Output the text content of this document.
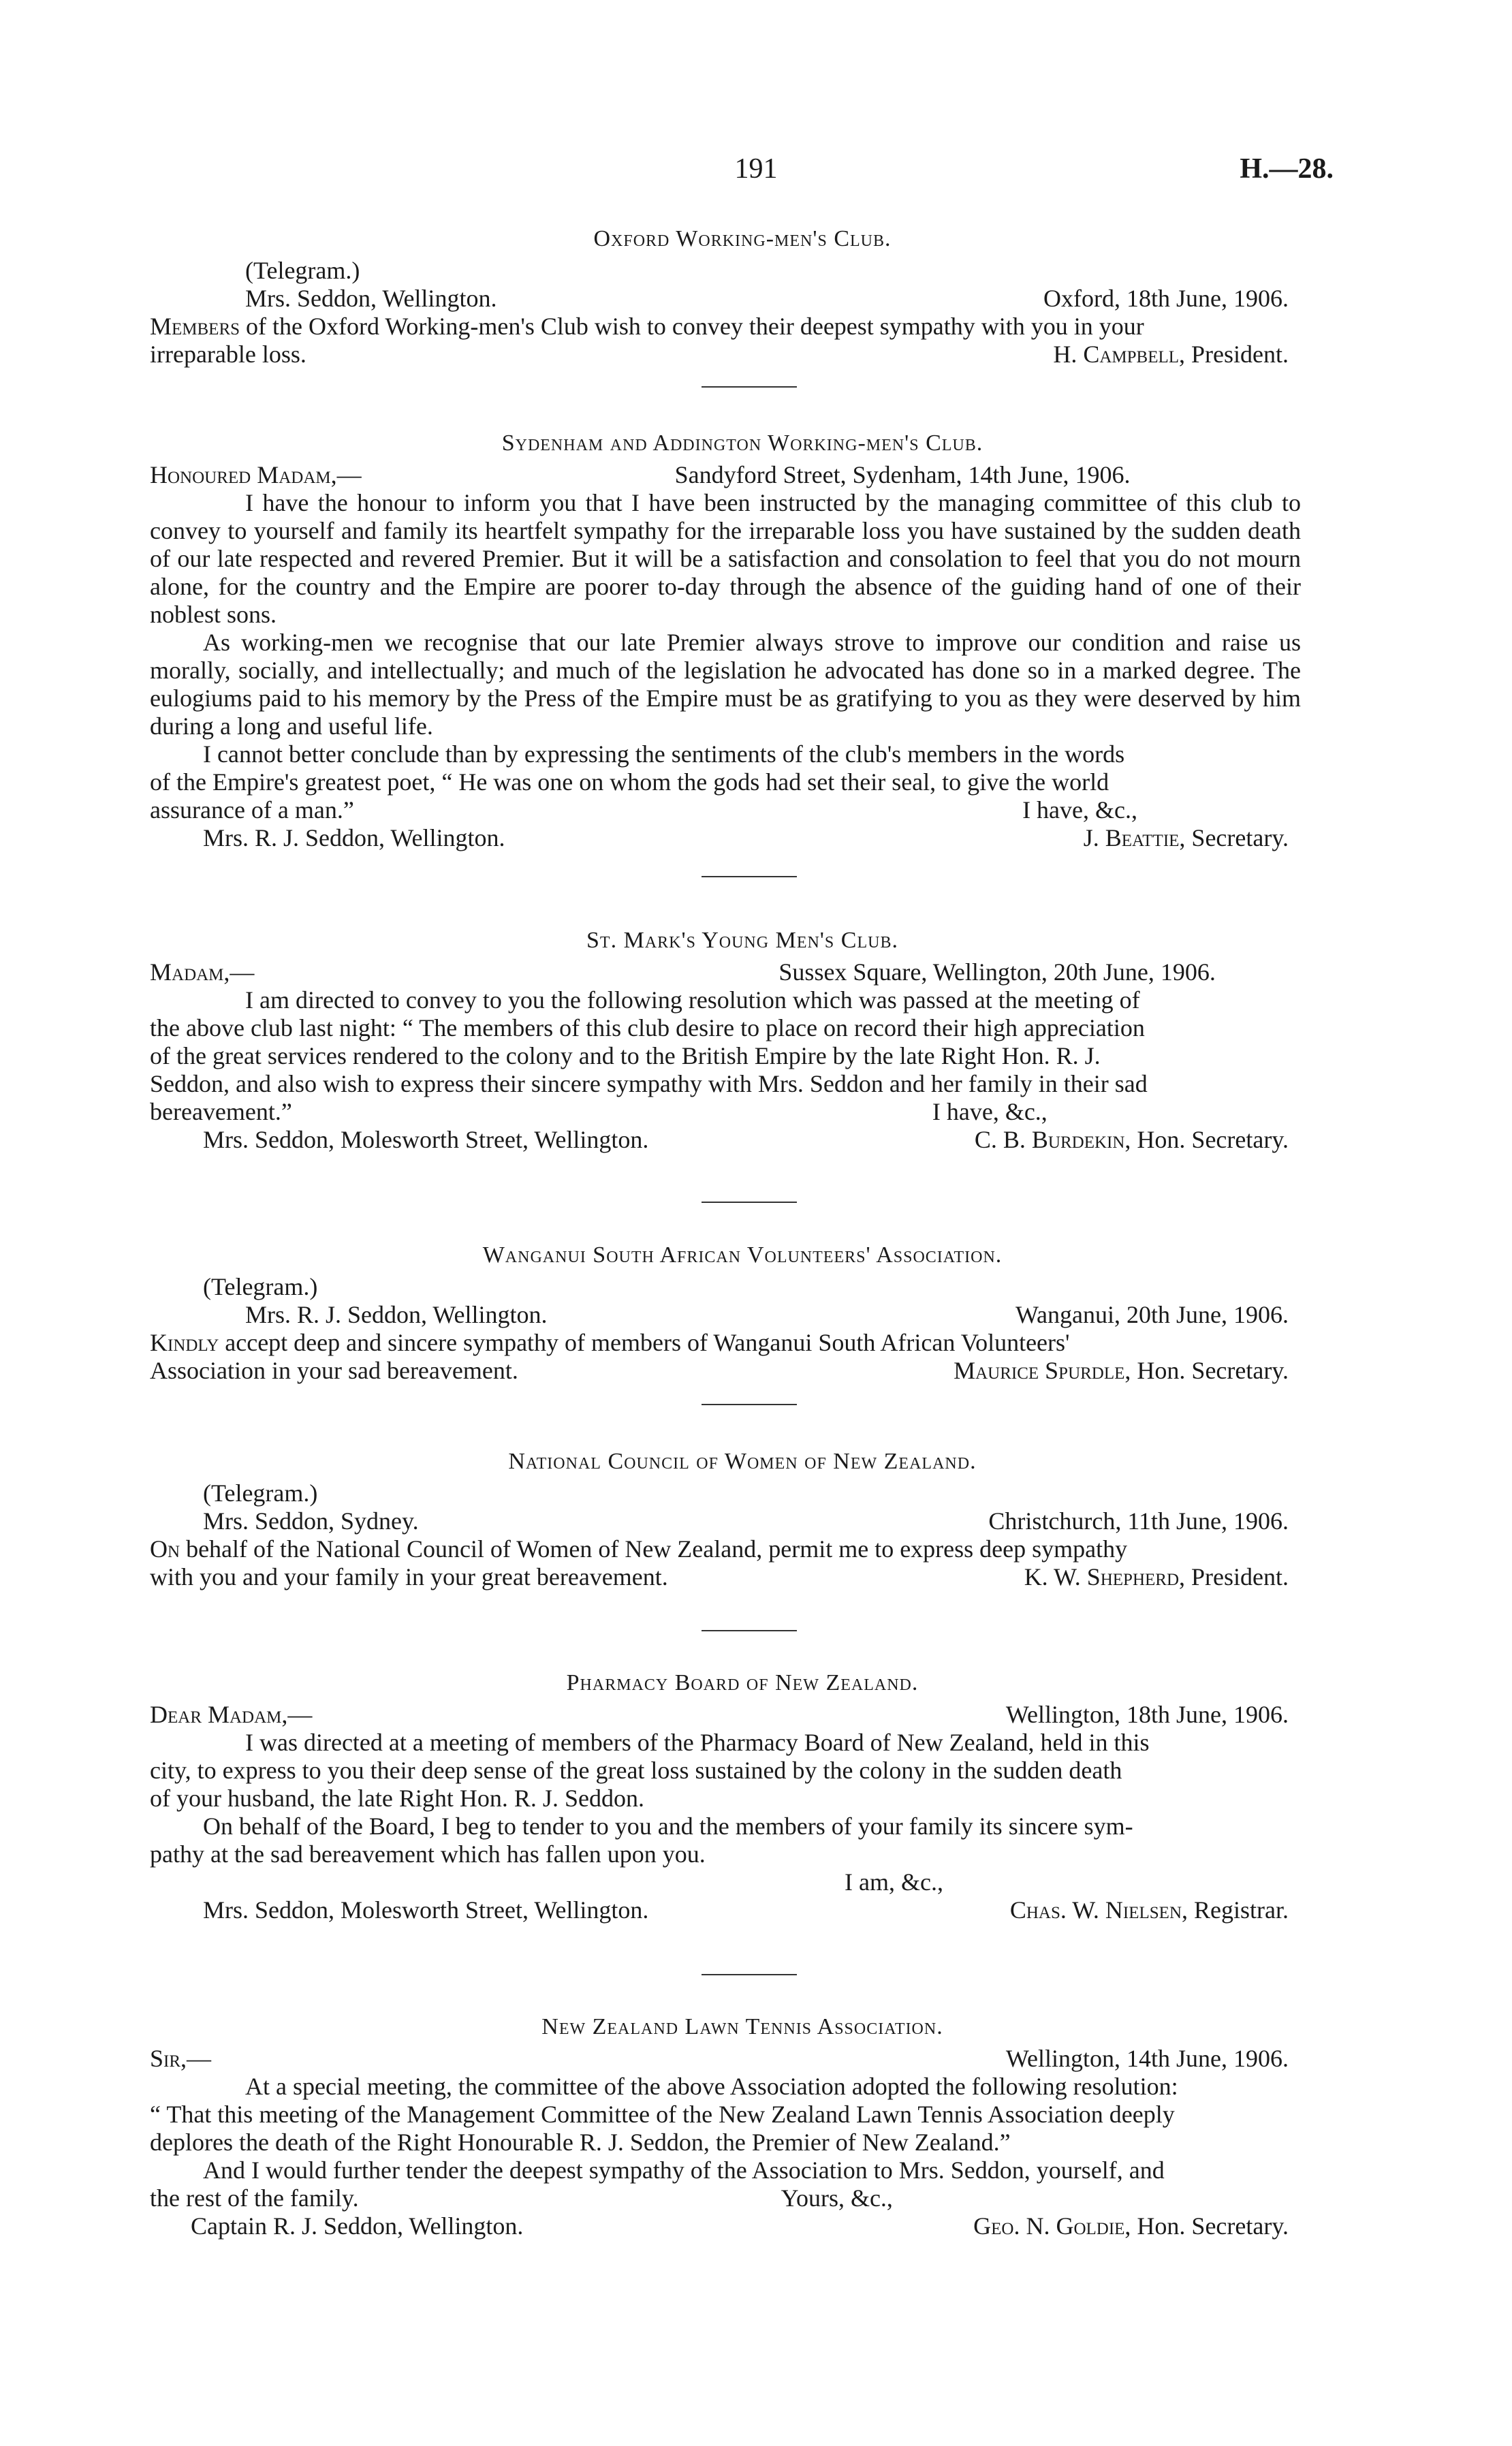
191	H.—28.
Oxford Working-men's Club.
(Telegram.)
Mrs. Seddon, Wellington.	Oxford, 18th June, 1906.
Members of the Oxford Working-men's Club wish to convey their deepest sympathy with you in your
irreparable loss.	H. Campbell, President.
Sydenham and Addington Working-men's Club.
Honoured Madam,—	Sandyford Street, Sydenham, 14th June, 1906.
I have the honour to inform you that I have been instructed by the managing committee of this club to convey to yourself and family its heartfelt sympathy for the irreparable loss you have sustained by the sudden death of our late respected and revered Premier. But it will be a satisfaction and consolation to feel that you do not mourn alone, for the country and the Empire are poorer to-day through the absence of the guiding hand of one of their noblest sons.
As working-men we recognise that our late Premier always strove to improve our condition and raise us morally, socially, and intellectually; and much of the legislation he advocated has done so in a marked degree. The eulogiums paid to his memory by the Press of the Empire must be as gratifying to you as they were deserved by him during a long and useful life.
I cannot better conclude than by expressing the sentiments of the club's members in the words
of the Empire's greatest poet, “ He was one on whom the gods had set their seal, to give the world
assurance of a man.”	I have, &c.,
Mrs. R. J. Seddon, Wellington.	J. Beattie, Secretary.
St. Mark's Young Men's Club.
Madam,—	Sussex Square, Wellington, 20th June, 1906.
I am directed to convey to you the following resolution which was passed at the meeting of
the above club last night: “ The members of this club desire to place on record their high appreciation
of the great services rendered to the colony and to the British Empire by the late Right Hon. R. J.
Seddon, and also wish to express their sincere sympathy with Mrs. Seddon and her family in their sad
bereavement.”	I have, &c.,
Mrs. Seddon, Molesworth Street, Wellington.	C. B. Burdekin, Hon. Secretary.
Wanganui South African Volunteers' Association.
(Telegram.)
Mrs. R. J. Seddon, Wellington.	Wanganui, 20th June, 1906.
Kindly accept deep and sincere sympathy of members of Wanganui South African Volunteers'
Association in your sad bereavement.	Maurice Spurdle, Hon. Secretary.
National Council of Women of New Zealand.
(Telegram.)
Mrs. Seddon, Sydney.	Christchurch, 11th June, 1906.
On behalf of the National Council of Women of New Zealand, permit me to express deep sympathy
with you and your family in your great bereavement.	K. W. Shepherd, President.
Pharmacy Board of New Zealand.
Dear Madam,—	Wellington, 18th June, 1906.
I was directed at a meeting of members of the Pharmacy Board of New Zealand, held in this
city, to express to you their deep sense of the great loss sustained by the colony in the sudden death
of your husband, the late Right Hon. R. J. Seddon.
On behalf of the Board, I beg to tender to you and the members of your family its sincere sym-
pathy at the sad bereavement which has fallen upon you.
I am, &c.,
Mrs. Seddon, Molesworth Street, Wellington.	Chas. W. Nielsen, Registrar.
New Zealand Lawn Tennis Association.
Sir,—	Wellington, 14th June, 1906.
At a special meeting, the committee of the above Association adopted the following resolution:
“ That this meeting of the Management Committee of the New Zealand Lawn Tennis Association deeply
deplores the death of the Right Honourable R. J. Seddon, the Premier of New Zealand.”
And I would further tender the deepest sympathy of the Association to Mrs. Seddon, yourself, and
the rest of the family.	Yours, &c.,
Captain R. J. Seddon, Wellington.	Geo. N. Goldie, Hon. Secretary.
